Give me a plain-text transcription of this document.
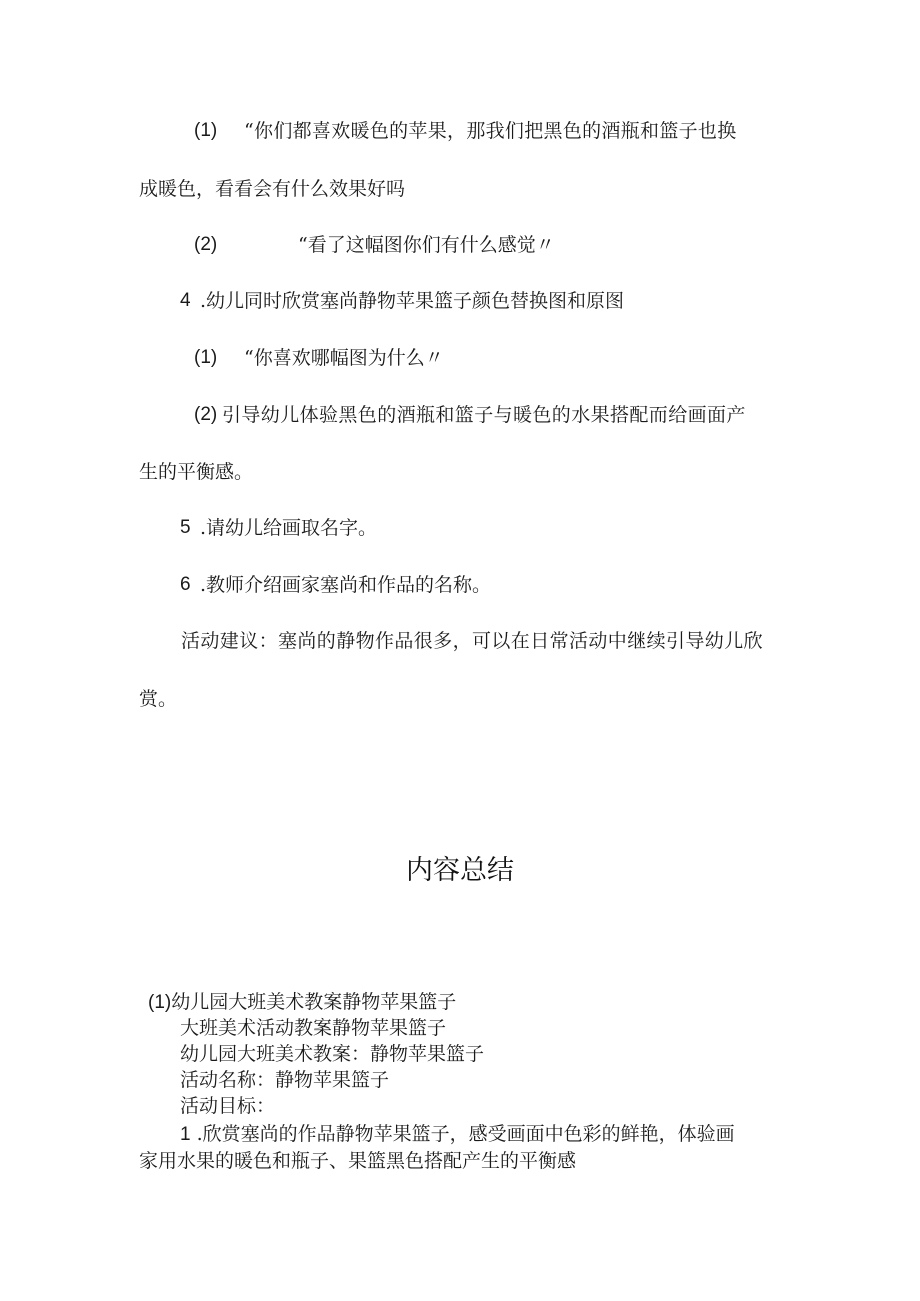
(1) “你们都喜欢暖色的苹果，那我们把黑色的酒瓶和篮子也换
成暖色，看看会有什么效果好吗
(2)	“看了这幅图你们有什么感觉〃
4 .幼儿同时欣赏塞尚静物苹果篮子颜色替换图和原图
(1) “你喜欢哪幅图为什么〃
(2) 引导幼儿体验黑色的酒瓶和篮子与暖色的水果搭配而给画面产
生的平衡感。
5 .请幼儿给画取名字。
6 .教师介绍画家塞尚和作品的名称。
活动建议：塞尚的静物作品很多，可以在日常活动中继续引导幼儿欣
赏。
内容总结
(1)幼儿园大班美术教案静物苹果篮子
大班美术活动教案静物苹果篮子
幼儿园大班美术教案：静物苹果篮子
活动名称：静物苹果篮子
活动目标：
1 .欣赏塞尚的作品静物苹果篮子，感受画面中色彩的鲜艳，体验画
家用水果的暖色和瓶子、果篮黑色搭配产生的平衡感
